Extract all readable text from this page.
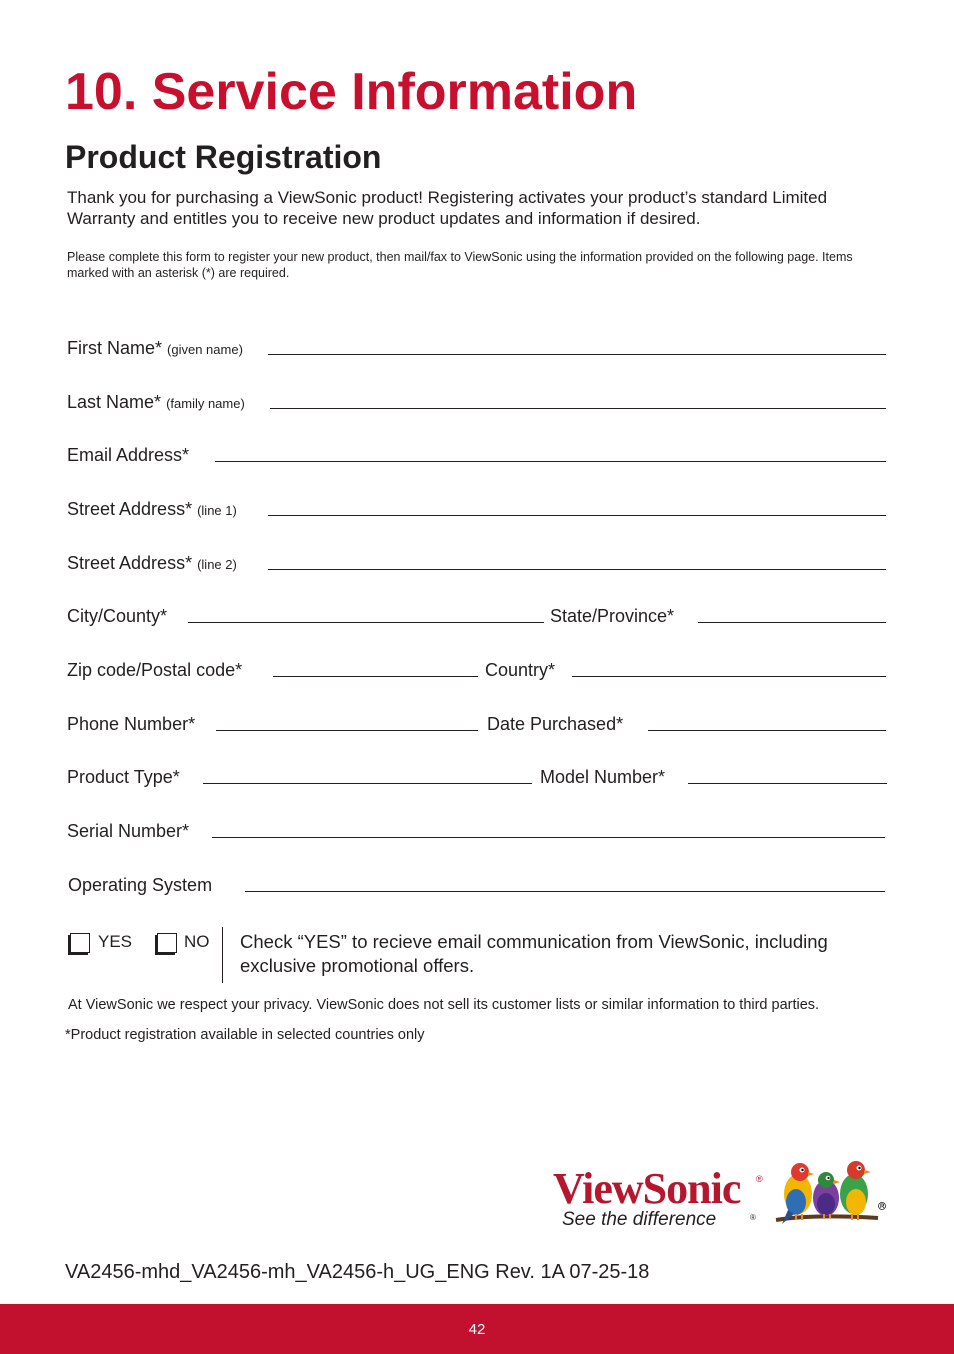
10. Service Information
Product Registration

Thank you for purchasing a ViewSonic product! Registering activates your product’s standard Limited Warranty and entitles you to receive new product updates and information if desired.

Please complete this form to register your new product, then mail/fax to ViewSonic using the information provided on the following page. Items marked with an asterisk (*) are required.

First Name* (given name)
Last Name* (family name)
Email Address*
Street Address* (line 1)
Street Address* (line 2)
City/County*	State/Province*
Zip code/Postal code*	Country*
Phone Number*	Date Purchased*
Product Type*	Model Number*
Serial Number*
Operating System
YES	NO Check “YES” to recieve email communication from ViewSonic, including exclusive promotional offers.

At ViewSonic we respect your privacy. ViewSonic does not sell its customer lists or similar information to third parties.

*Product registration available in selected countries only

ViewSonic ®
See the difference	®

VA2456-mhd_VA2456-mh_VA2456-h_UG_ENG Rev. 1A 07-25-18

42
